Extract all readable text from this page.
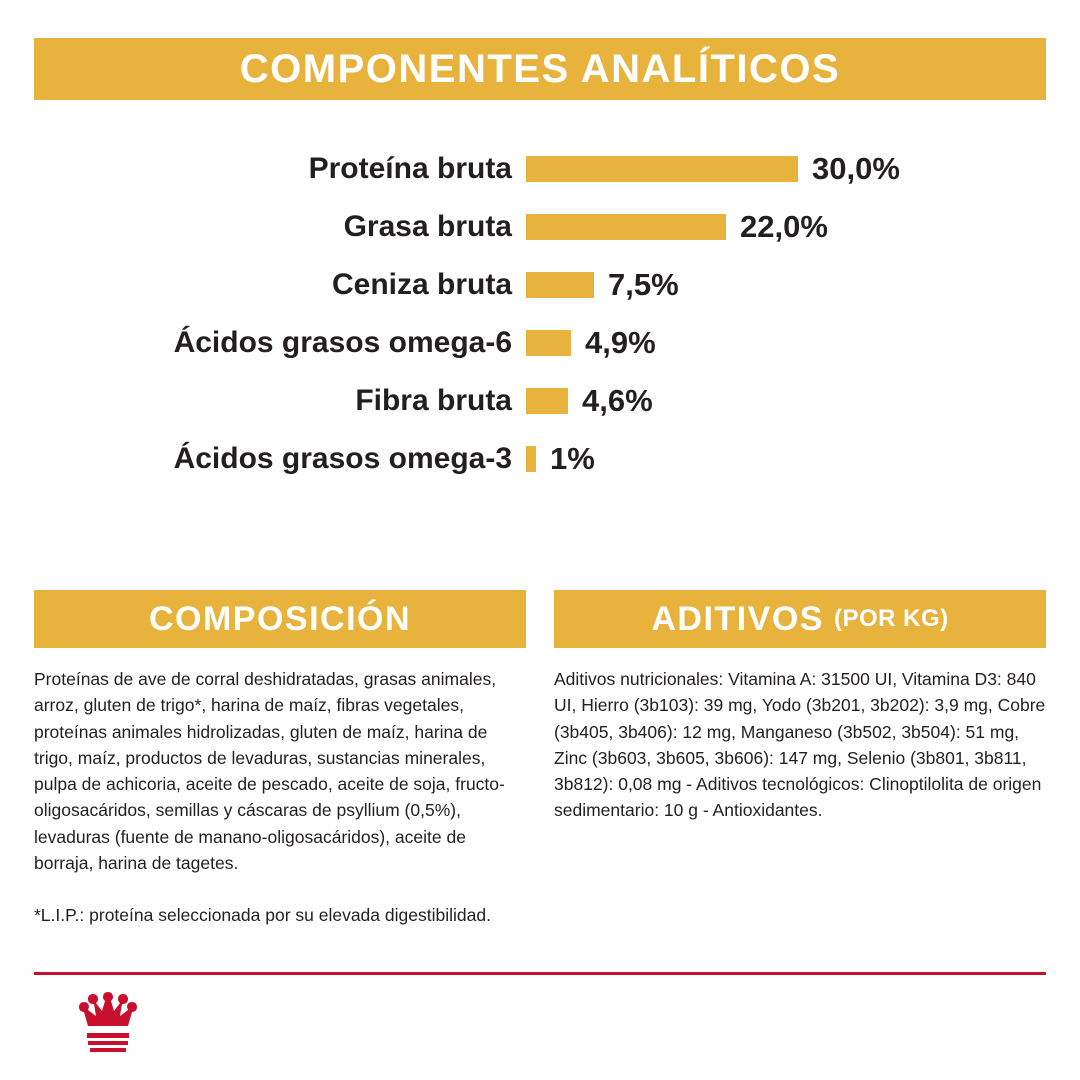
COMPONENTES ANALÍTICOS
Proteína bruta	30,0%
Grasa bruta	22,0%
Ceniza bruta	7,5%
Ácidos grasos omega-6	4,9%
Fibra bruta	4,6%
Ácidos grasos omega-3	1%
COMPOSICIÓN
Proteínas de ave de corral deshidratadas, grasas animales, arroz, gluten de trigo*, harina de maíz, fibras vegetales, proteínas animales hidrolizadas, gluten de maíz, harina de trigo, maíz, productos de levaduras, sustancias minerales, pulpa de achicoria, aceite de pescado, aceite de soja, fructo-oligosacáridos, semillas y cáscaras de psyllium (0,5%), levaduras (fuente de manano-oligosacáridos), aceite de borraja, harina de tagetes.
*L.I.P.: proteína seleccionada por su elevada digestibilidad.
ADITIVOS (POR KG)
Aditivos nutricionales: Vitamina A: 31500 UI, Vitamina D3: 840 UI, Hierro (3b103): 39 mg, Yodo (3b201, 3b202): 3,9 mg, Cobre (3b405, 3b406): 12 mg, Manganeso (3b502, 3b504): 51 mg, Zinc (3b603, 3b605, 3b606): 147 mg, Selenio (3b801, 3b811, 3b812): 0,08 mg - Aditivos tecnológicos: Clinoptilolita de origen sedimentario: 10 g - Antioxidantes.
